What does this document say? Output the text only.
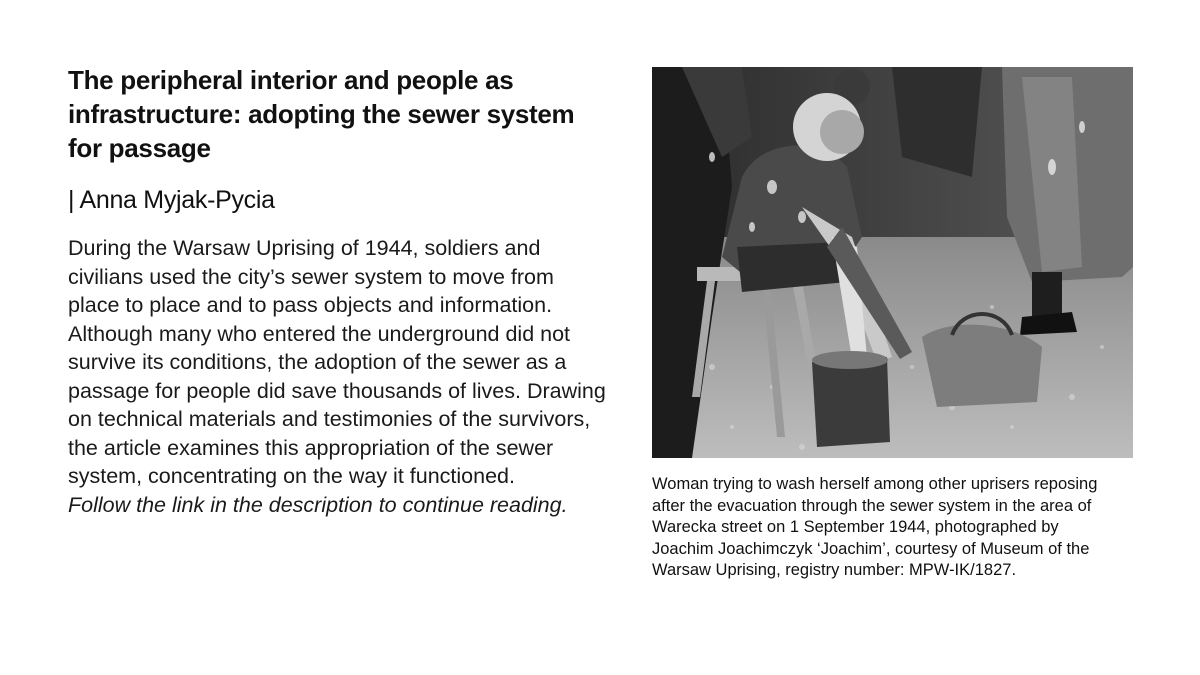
The peripheral interior and people as infrastructure: adopting the sewer system for passage
| Anna Myjak-Pycia

During the Warsaw Uprising of 1944, soldiers and civilians used the city’s sewer system to move from place to place and to pass objects and information. Although many who entered the underground did not survive its conditions, the adoption of the sewer as a passage for people did save thousands of lives. Drawing on technical materials and testimonies of the survivors, the article examines this appropriation of the sewer system, concentrating on the way it functioned.
Follow the link in the description to continue reading.

Woman trying to wash herself among other uprisers reposing after the evacuation through the sewer system in the area of Warecka street on 1 September 1944, photographed by Joachim Joachimczyk ‘Joachim’, courtesy of Museum of the Warsaw Uprising, registry number: MPW-IK/1827.
